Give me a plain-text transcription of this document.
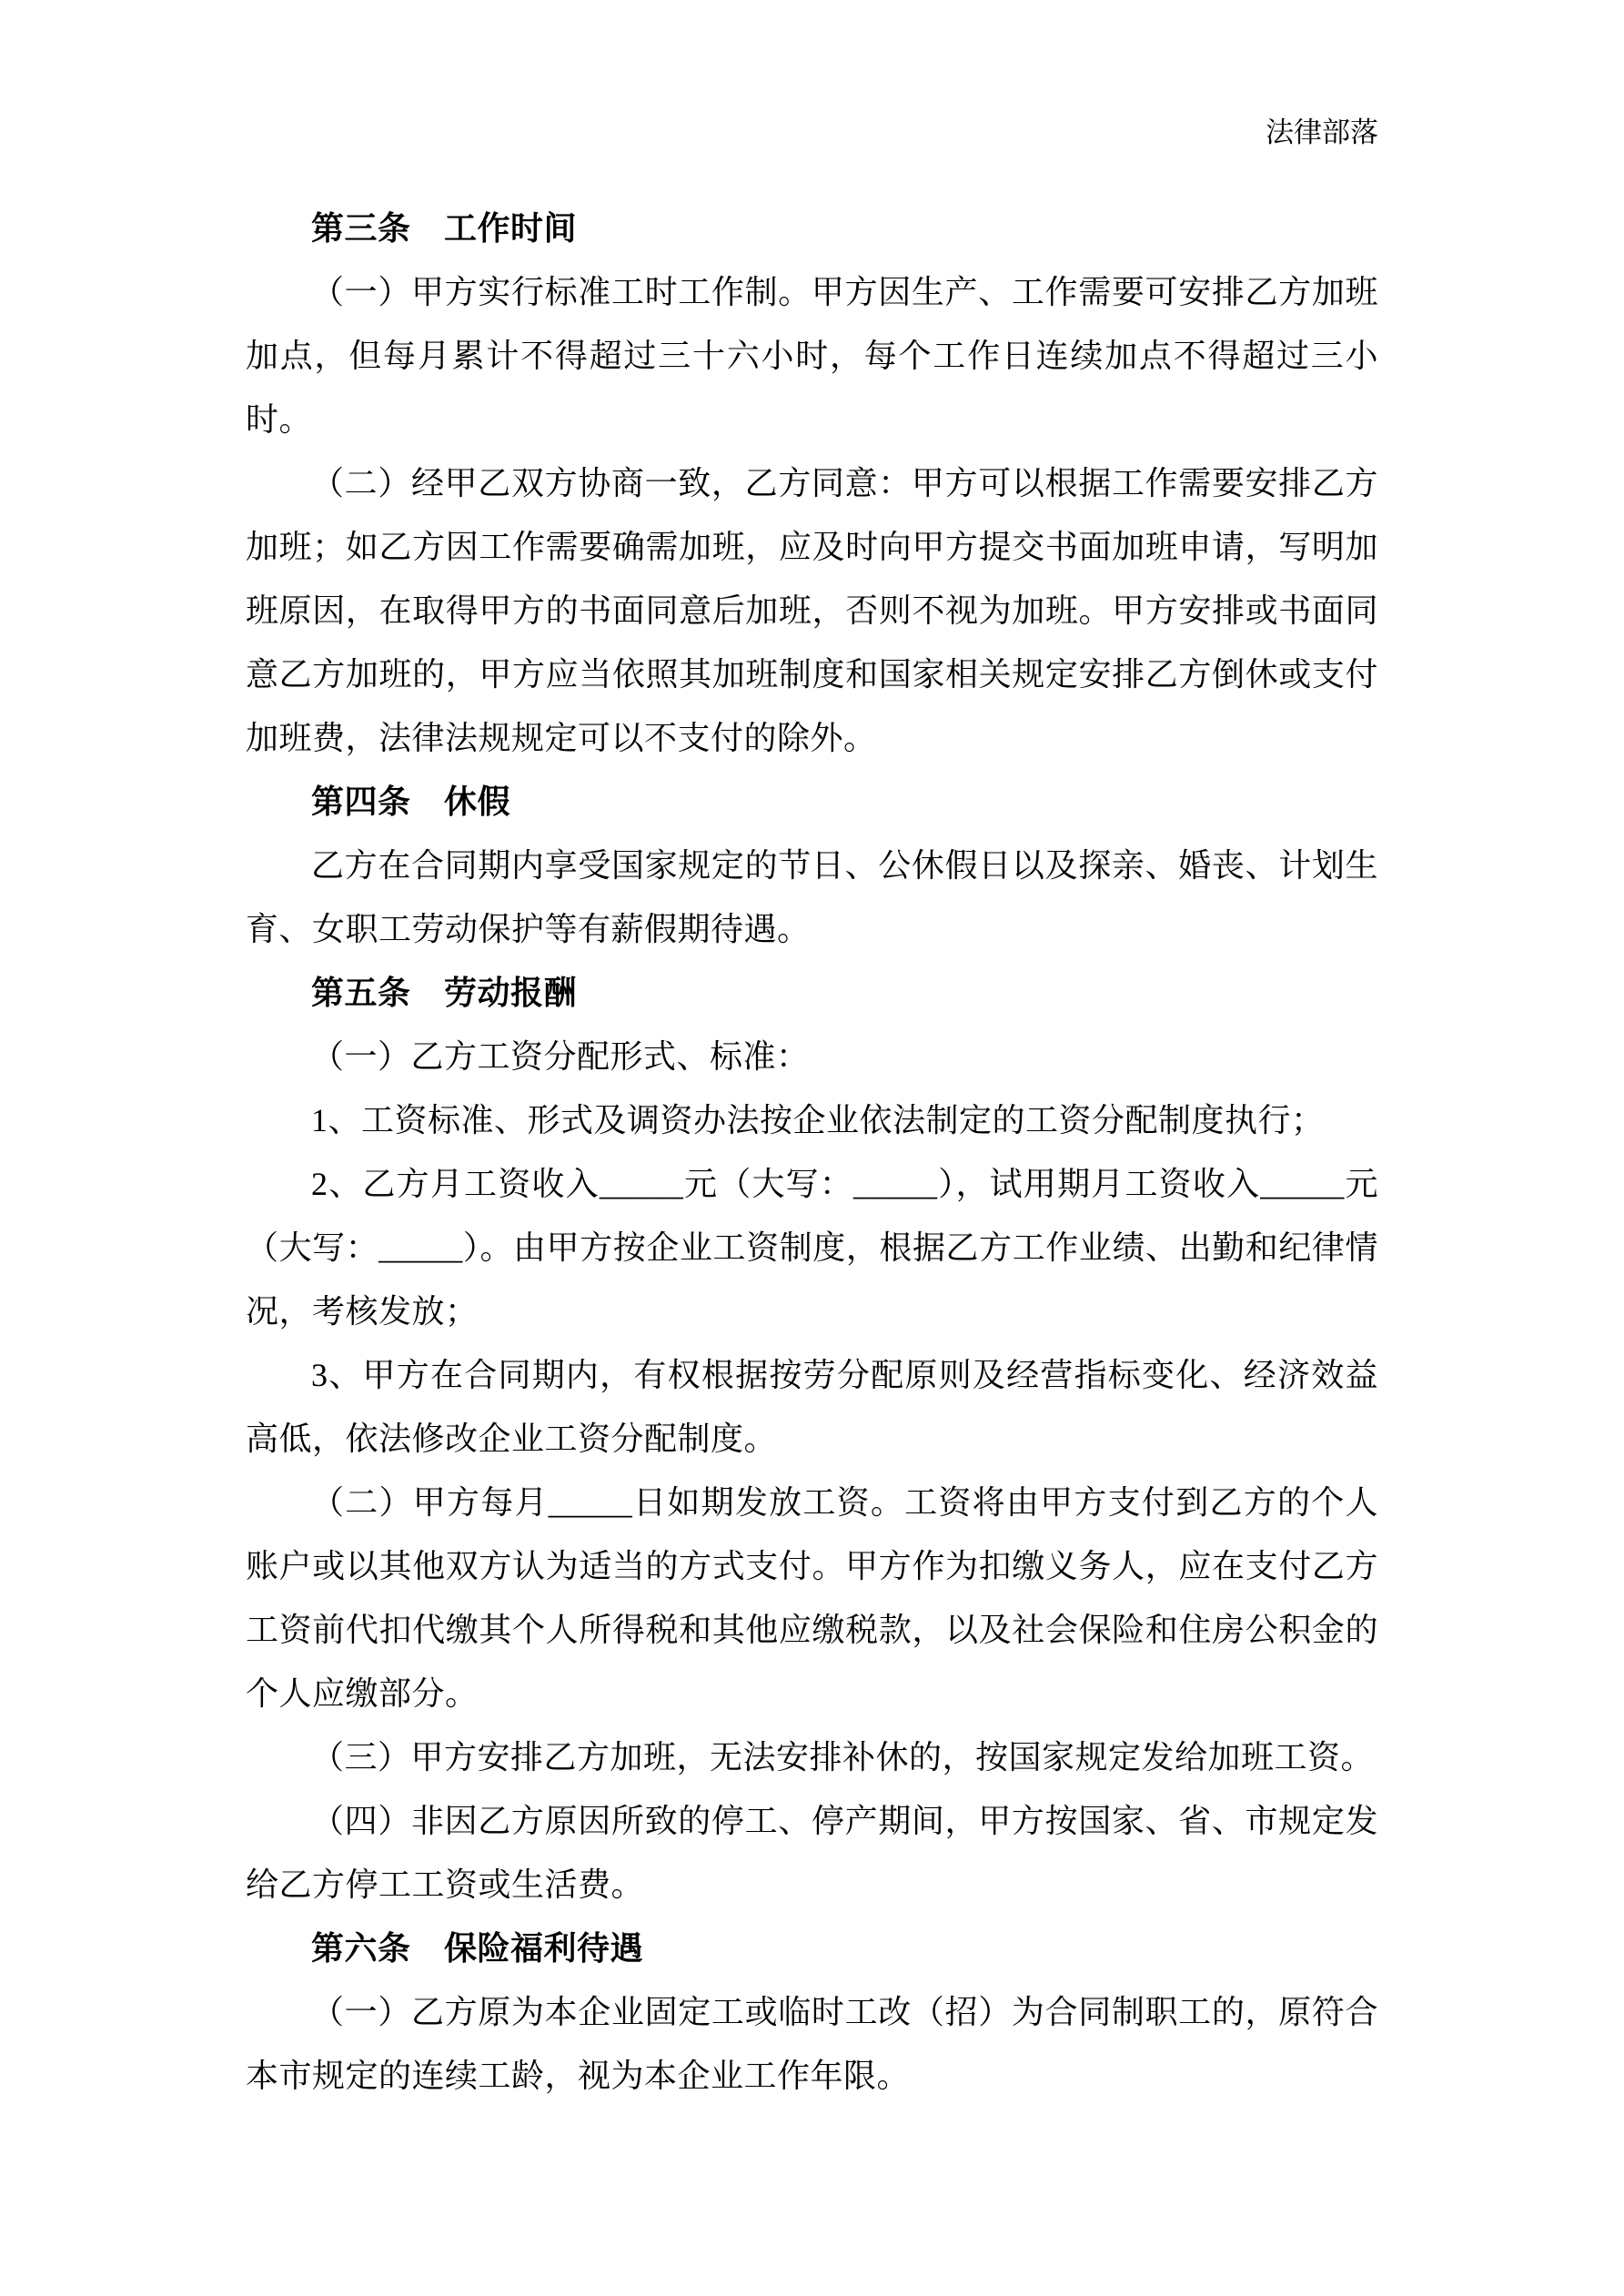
法律部落

第三条　工作时间

（一）甲方实行标准工时工作制。甲方因生产、工作需要可安排乙方加班加点，但每月累计不得超过三十六小时，每个工作日连续加点不得超过三小时。

（二）经甲乙双方协商一致，乙方同意：甲方可以根据工作需要安排乙方加班；如乙方因工作需要确需加班，应及时向甲方提交书面加班申请，写明加班原因，在取得甲方的书面同意后加班，否则不视为加班。甲方安排或书面同意乙方加班的，甲方应当依照其加班制度和国家相关规定安排乙方倒休或支付加班费，法律法规规定可以不支付的除外。

第四条　休假

乙方在合同期内享受国家规定的节日、公休假日以及探亲、婚丧、计划生育、女职工劳动保护等有薪假期待遇。

第五条　劳动报酬

（一）乙方工资分配形式、标准：

1、工资标准、形式及调资办法按企业依法制定的工资分配制度执行；

2、乙方月工资收入_____元（大写：_____），试用期月工资收入_____元（大写：_____）。由甲方按企业工资制度，根据乙方工作业绩、出勤和纪律情况，考核发放；

3、甲方在合同期内，有权根据按劳分配原则及经营指标变化、经济效益高低，依法修改企业工资分配制度。

（二）甲方每月_____日如期发放工资。工资将由甲方支付到乙方的个人账户或以其他双方认为适当的方式支付。甲方作为扣缴义务人，应在支付乙方工资前代扣代缴其个人所得税和其他应缴税款，以及社会保险和住房公积金的个人应缴部分。

（三）甲方安排乙方加班，无法安排补休的，按国家规定发给加班工资。

（四）非因乙方原因所致的停工、停产期间，甲方按国家、省、市规定发给乙方停工工资或生活费。

第六条　保险福利待遇

（一）乙方原为本企业固定工或临时工改（招）为合同制职工的，原符合本市规定的连续工龄，视为本企业工作年限。
